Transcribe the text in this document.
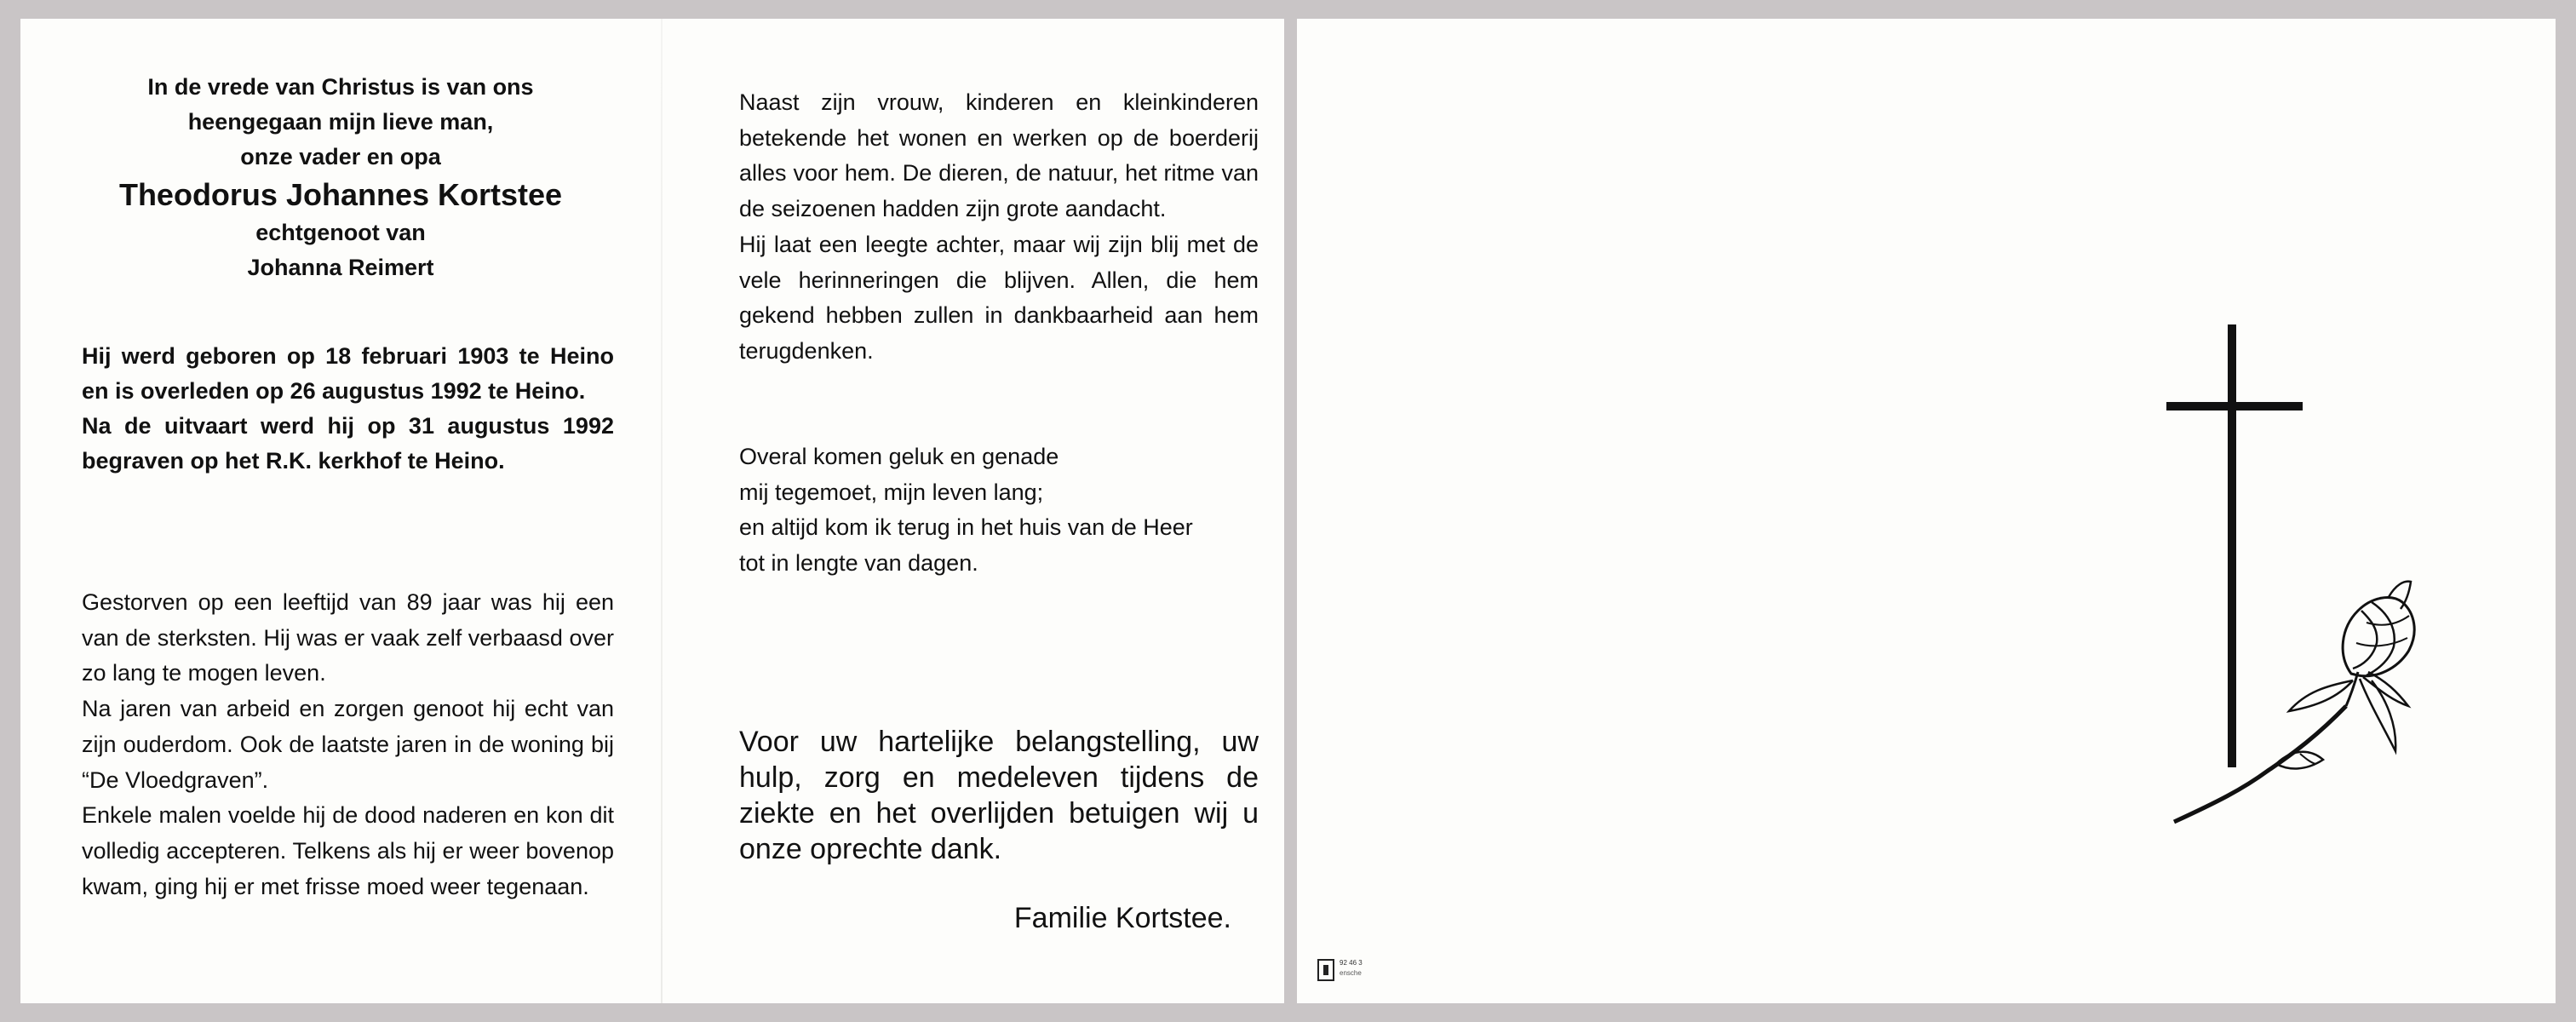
In de vrede van Christus is van ons
heengegaan mijn lieve man,
onze vader en opa
Theodorus Johannes Kortstee
echtgenoot van
Johanna Reimert

Hij werd geboren op 18 februari 1903 te Heino en is overleden op 26 augustus 1992 te Heino.

Na de uitvaart werd hij op 31 augustus 1992 begraven op het R.K. kerkhof te Heino.

Gestorven op een leeftijd van 89 jaar was hij een van de sterksten. Hij was er vaak zelf verbaasd over zo lang te mogen leven.

Na jaren van arbeid en zorgen genoot hij echt van zijn ouderdom. Ook de laatste jaren in de woning bij “De Vloedgraven”.

Enkele malen voelde hij de dood naderen en kon dit volledig accepteren. Telkens als hij er weer bovenop kwam, ging hij er met frisse moed weer tegenaan.

Naast zijn vrouw, kinderen en kleinkinderen betekende het wonen en werken op de boerderij alles voor hem. De dieren, de natuur, het ritme van de seizoenen hadden zijn grote aandacht.

Hij laat een leegte achter, maar wij zijn blij met de vele herinneringen die blijven. Allen, die hem gekend hebben zullen in dankbaarheid aan hem terugdenken.

Overal komen geluk en genade
mij tegemoet, mijn leven lang;
en altijd kom ik terug in het huis van de Heer
tot in lengte van dagen.
Voor uw hartelijke belangstelling, uw hulp, zorg en medeleven tijdens de ziekte en het overlijden betuigen wij u onze oprechte dank.
Familie Kortstee.
92 46 3
ensche
